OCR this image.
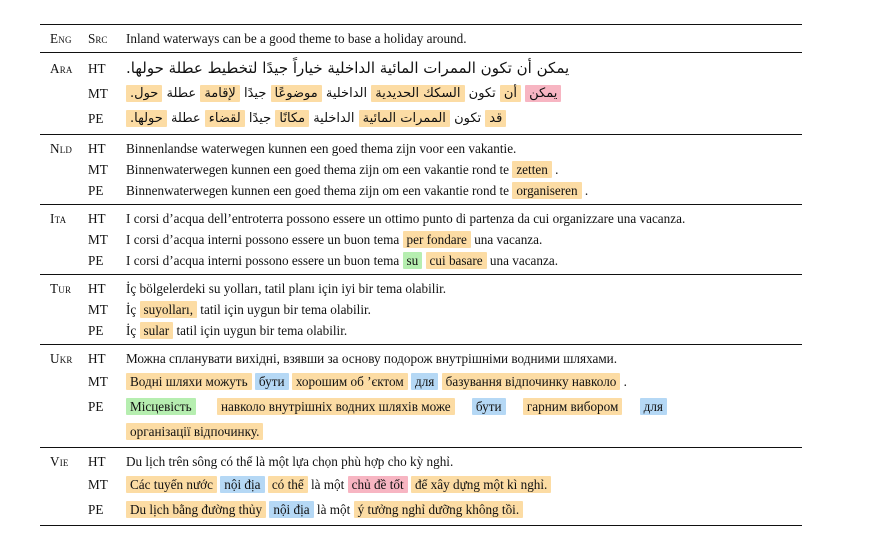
Eng Src Inland waterways can be a good theme to base a holiday around.
Ara HT يمكن أن تكون الممرات المائية الداخلية خياراً جيدًا لتخطيط عطلة حولها.
MT	يمكن أن تكون السكك الحديدية الداخلية موضوعًا جيدًا لإقامة عطلة حول.
PE	قد تكون الممرات المائية الداخلية مكانًا جيدًا لقضاء عطلة حولها.
Nld HT Binnenlandse waterwegen kunnen een goed thema zijn voor een vakantie.
MT Binnenwaterwegen kunnen een goed thema zijn om een vakantie rond te zetten .
PE Binnenwaterwegen kunnen een goed thema zijn om een vakantie rond te organiseren .
Ita HT I corsi d’acqua dell’entroterra possono essere un ottimo punto di partenza da cui organizzare una vacanza.
MT I corsi d’acqua interni possono essere un buon tema per fondare una vacanza.
PE I corsi d’acqua interni possono essere un buon tema su cui basare una vacanza.
Tur HT İç bölgelerdeki su yolları, tatil planı için iyi bir tema olabilir.
MT İç suyolları, tatil için uygun bir tema olabilir.
PE İç sular tatil için uygun bir tema olabilir.
Ukr HT Можна спланувати вихідні, взявши за основу подорож внутрішніми водними шляхами.
MT	Водні шляхи можуть бути хорошим об ’єктом для базування відпочинку навколо .
PE	Місцевість навколо внутрішніх водних шляхів може бути гарним вибором для
організації відпочинку.
Vie HT Du lịch trên sông có thể là một lựa chọn phù hợp cho kỳ nghỉ.
MT	Các tuyến nước nội địa có thể là một chủ đề tốt để xây dựng một kì nghỉ.
PE	Du lịch bằng đường thủy nội địa là một ý tưởng nghỉ dưỡng không tồi.
